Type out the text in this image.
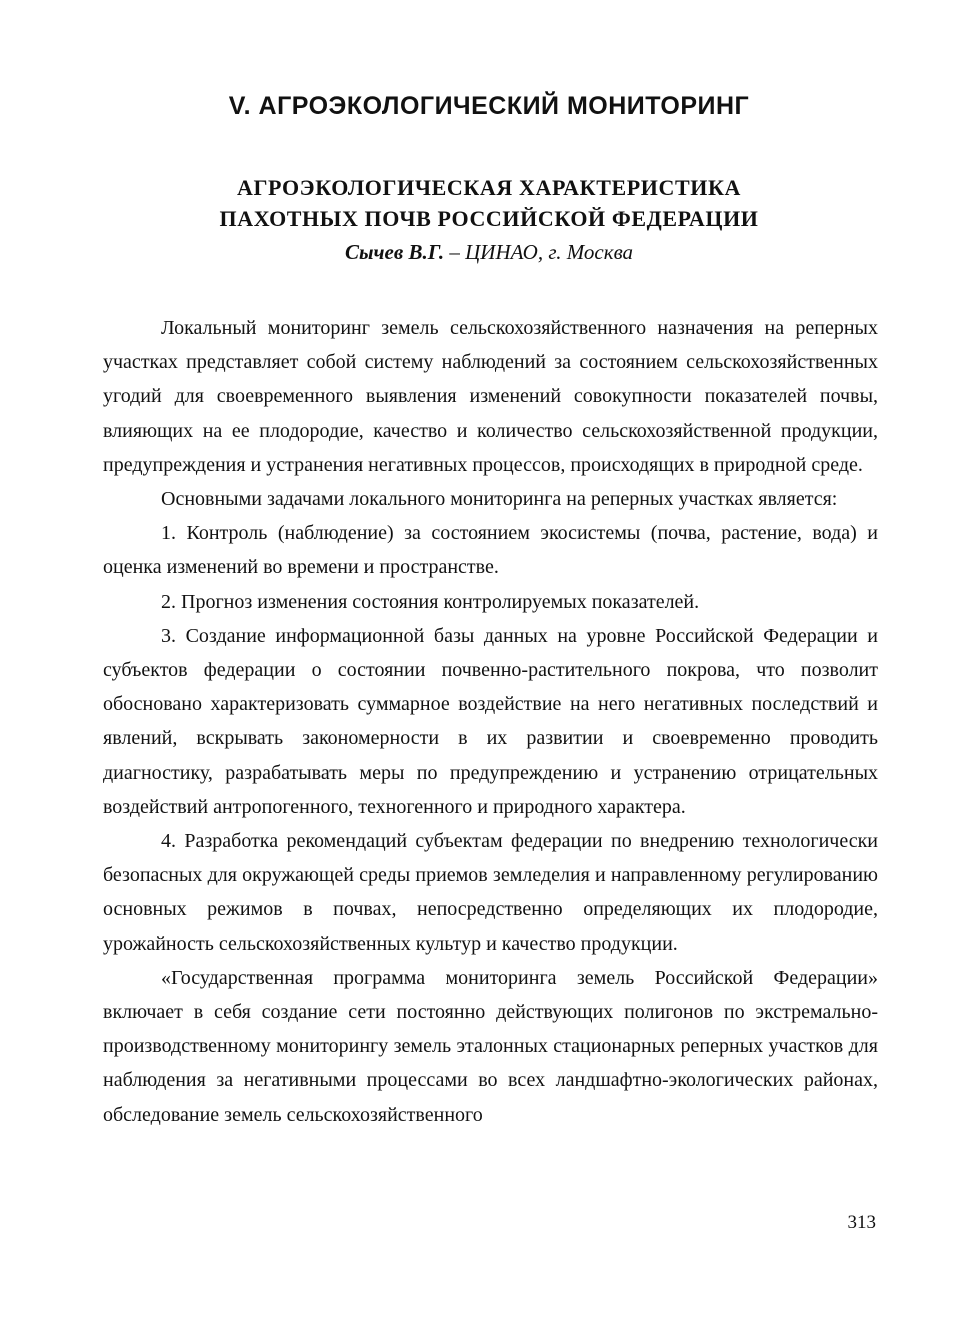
V. АГРОЭКОЛОГИЧЕСКИЙ МОНИТОРИНГ
АГРОЭКОЛОГИЧЕСКАЯ ХАРАКТЕРИСТИКА
ПАХОТНЫХ ПОЧВ РОССИЙСКОЙ ФЕДЕРАЦИИ
Сычев В.Г. – ЦИНАО, г. Москва

Локальный мониторинг земель сельскохозяйственного назначения на реперных участках представляет собой систему наблюдений за состоянием сельскохозяйственных угодий для своевременного выявления изменений совокупности показателей почвы, влияющих на ее плодородие, качество и количество сельскохозяйственной продукции, предупреждения и устранения негативных процессов, происходящих в природной среде.

Основными задачами локального мониторинга на реперных участках является:

1. Контроль (наблюдение) за состоянием экосистемы (почва, растение, вода) и оценка изменений во времени и пространстве.

2. Прогноз изменения состояния контролируемых показателей.

3. Создание информационной базы данных на уровне Российской Федерации и субъектов федерации о состоянии почвенно-растительного покрова, что позволит обосновано характеризовать суммарное воздействие на него негативных последствий и явлений, вскрывать закономерности в их развитии и своевременно проводить диагностику, разрабатывать меры по предупреждению и устранению отрицательных воздействий антропогенного, техногенного и природного характера.

4. Разработка рекомендаций субъектам федерации по внедрению технологически безопасных для окружающей среды приемов земледелия и направленному регулированию основных режимов в почвах, непосредственно определяющих их плодородие, урожайность сельскохозяйственных культур и качество продукции.

«Государственная программа мониторинга земель Российской Федерации» включает в себя создание сети постоянно действующих полигонов по экстремально-производственному мониторингу земель эталонных стационарных реперных участков для наблюдения за негативными процессами во всех ландшафтно-экологических районах, обследование земель сельскохозяйственного

313
